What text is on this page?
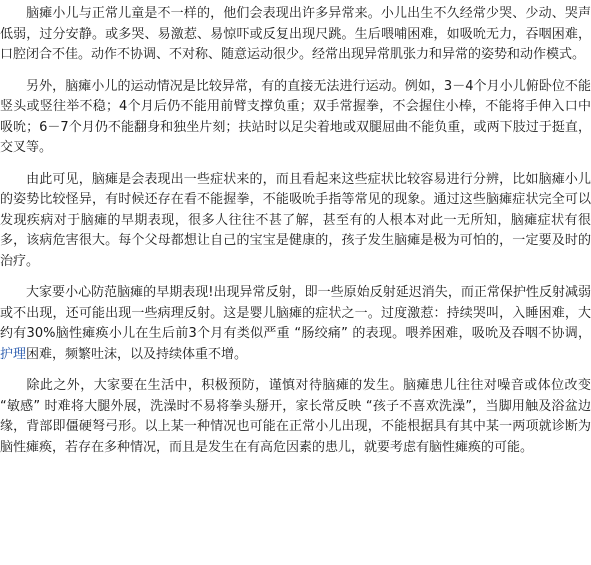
脑瘫小儿与正常儿童是不一样的，他们会表现出许多异常来。小儿出生不久经常少哭、少动、哭声低弱，过分安静。或多哭、易激惹、易惊吓或反复出现尺跳。生后喂哺困难，如吸吮无力，吞咽困难，口腔闭合不佳。动作不协调、不对称、随意运动很少。经常出现异常肌张力和异常的姿势和动作模式。

另外，脑瘫小儿的运动情况是比较异常，有的直接无法进行运动。例如，3－4个月小儿俯卧位不能竖头或竖往举不稳；4个月后仍不能用前臂支撑负重；双手常握拳，不会握住小棒，不能将手伸入口中吸吮；6－7个月仍不能翻身和独坐片刻；扶站时以足尖着地或双腿屈曲不能负重，或两下肢过于挺直，交叉等。

由此可见，脑瘫是会表现出一些症状来的，而且看起来这些症状比较容易进行分辨，比如脑瘫小儿的姿势比较怪异，有时候还存在看不能握拳，不能吸吮手指等常见的现象。通过这些脑瘫症状完全可以发现疾病对于脑瘫的早期表现，很多人往往不甚了解，甚至有的人根本对此一无所知，脑瘫症状有很多，该病危害很大。每个父母都想让自己的宝宝是健康的，孩子发生脑瘫是极为可怕的，一定要及时的治疗。

大家要小心防范脑瘫的早期表现!出现异常反射，即一些原始反射延迟消失，而正常保护性反射减弱或不出现，还可能出现一些病理反射。这是婴儿脑瘫的症状之一。过度激惹：持续哭叫，入睡困难，大约有30%脑性瘫痪小儿在生后前3个月有类似严重 “肠绞痛” 的表现。喂养困难，吸吮及吞咽不协调，护理困难，频繁吐沫，以及持续体重不增。

除此之外，大家要在生活中，积极预防，谨慎对待脑瘫的发生。脑瘫患儿往往对噪音或体位改变 “敏感” 时难将大腿外展，洗澡时不易将拳头掰开，家长常反映 “孩子不喜欢洗澡”，当脚用触及浴盆边缘，背部即僵硬弩弓形。以上某一种情况也可能在正常小儿出现，不能根据具有其中某一两项就诊断为脑性瘫痪，若存在多种情况，而且是发生在有高危因素的患儿，就要考虑有脑性瘫痪的可能。
